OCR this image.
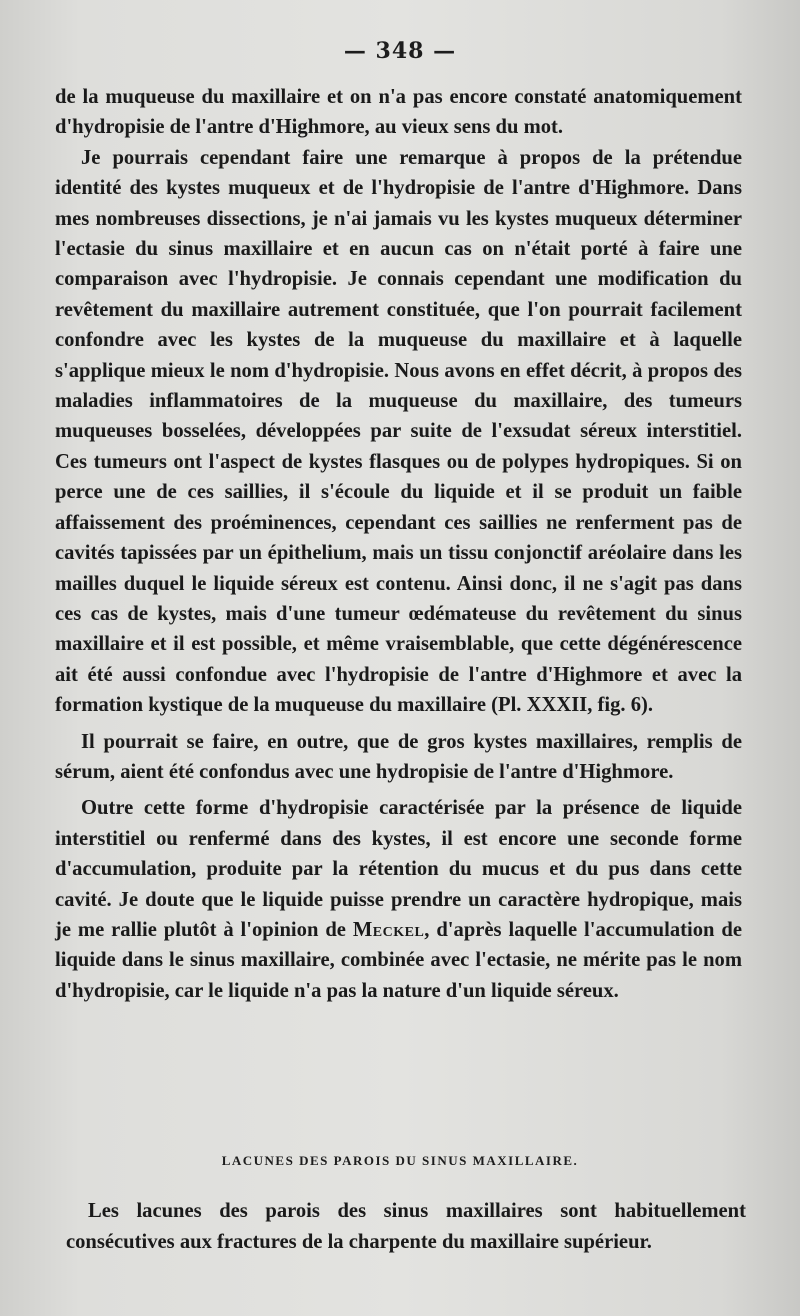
— 348 —

de la muqueuse du maxillaire et on n'a pas encore constaté anatomiquement d'hydropisie de l'antre d'Highmore, au vieux sens du mot.

Je pourrais cependant faire une remarque à propos de la prétendue identité des kystes muqueux et de l'hydropisie de l'antre d'Highmore. Dans mes nombreuses dissections, je n'ai jamais vu les kystes muqueux déterminer l'ectasie du sinus maxillaire et en aucun cas on n'était porté à faire une comparaison avec l'hydropisie. Je connais cependant une modification du revêtement du maxillaire autrement constituée, que l'on pourrait facilement confondre avec les kystes de la muqueuse du maxillaire et à laquelle s'applique mieux le nom d'hydropisie. Nous avons en effet décrit, à propos des maladies inflammatoires de la muqueuse du maxillaire, des tumeurs muqueuses bosselées, développées par suite de l'exsudat séreux interstitiel. Ces tumeurs ont l'aspect de kystes flasques ou de polypes hydropiques. Si on perce une de ces saillies, il s'écoule du liquide et il se produit un faible affaissement des proéminences, cependant ces saillies ne renferment pas de cavités tapissées par un épithelium, mais un tissu conjonctif aréolaire dans les mailles duquel le liquide séreux est contenu. Ainsi donc, il ne s'agit pas dans ces cas de kystes, mais d'une tumeur œdémateuse du revêtement du sinus maxillaire et il est possible, et même vraisemblable, que cette dégénérescence ait été aussi confondue avec l'hydropisie de l'antre d'Highmore et avec la formation kystique de la muqueuse du maxillaire (Pl. XXXII, fig. 6).

Il pourrait se faire, en outre, que de gros kystes maxillaires, remplis de sérum, aient été confondus avec une hydropisie de l'antre d'Highmore.

Outre cette forme d'hydropisie caractérisée par la présence de liquide interstitiel ou renfermé dans des kystes, il est encore une seconde forme d'accumulation, produite par la rétention du mucus et du pus dans cette cavité. Je doute que le liquide puisse prendre un caractère hydropique, mais je me rallie plutôt à l'opinion de Meckel, d'après laquelle l'accumulation de liquide dans le sinus maxillaire, combinée avec l'ectasie, ne mérite pas le nom d'hydropisie, car le liquide n'a pas la nature d'un liquide séreux.

LACUNES DES PAROIS DU SINUS MAXILLAIRE.

Les lacunes des parois des sinus maxillaires sont habituellement consécutives aux fractures de la charpente du maxillaire supérieur.
